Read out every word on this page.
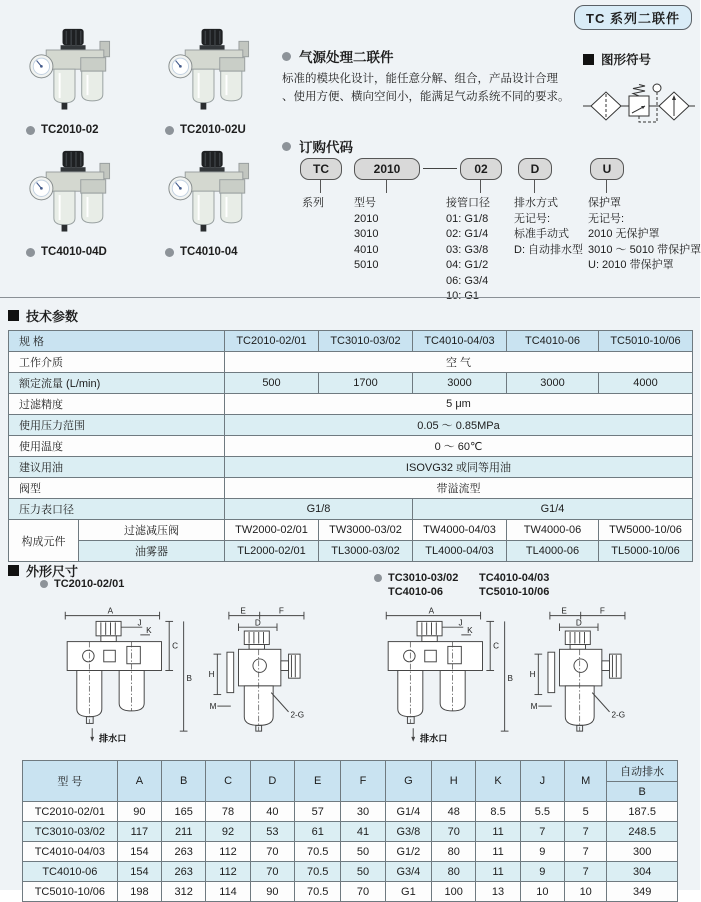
TC 系列二联件
TC2010-02	TC2010-02U
TC4010-04D	TC4010-04
气源处理二联件
标准的模块化设计，能任意分解、组合，产品设计合理
、使用方便、横向空间小，能满足气动系统不同的要求。
图形符号
订购代码
TC	2010	02	D	U
系列	型号
2010
3010
4010
5010
接管口径
01: G1/8
02: G1/4
03: G3/8
04: G1/2
06: G3/4
10: G1
排水方式
无记号:
标准手动式
D: 自动排水型
保护罩
无记号:
2010 无保护罩
3010 ～ 5010 带保护罩
U: 2010 带保护罩
技术参数
规 格		TC2010-02/01	TC3010-03/02	TC4010-04/03	TC4010-06	TC5010-10/06
工作介质		空 气				
额定流量 (L/min)		500	1700	3000	3000	4000
过滤精度		5 μm				
使用压力范围		0.05 ～ 0.85MPa				
使用温度		0 ～ 60℃				
建议用油		ISOVG32 或同等用油				
阀型		带溢流型				
压力表口径		G1/8		G1/4		
构成元件	过滤减压阀	TW2000-02/01	TW3000-03/02	TW4000-04/03	TW4000-06	TW5000-10/06
	油雾器	TL2000-02/01	TL3000-03/02	TL4000-04/03	TL4000-06	TL5000-10/06
外形尺寸
TC2010-02/01	TC3010-03/02 TC4010-04/03
TC4010-06	TC5010-10/06
A
J
K
C
B
排水口
E	F
D
H
M
2-G
型 号	A	B	C	D	E	F	G	H	K	J	M	自动排水
												B
TC2010-02/01	90	165	78	40	57	30	G1/4	48	8.5	5.5	5	187.5
TC3010-03/02	117	211	92	53	61	41	G3/8	70	11	7	7	248.5
TC4010-04/03	154	263	112	70	70.5	50	G1/2	80	11	9	7	300
TC4010-06	154	263	112	70	70.5	50	G3/4	80	11	9	7	304
TC5010-10/06	198	312	114	90	70.5	70	G1	100	13	10	10	349
